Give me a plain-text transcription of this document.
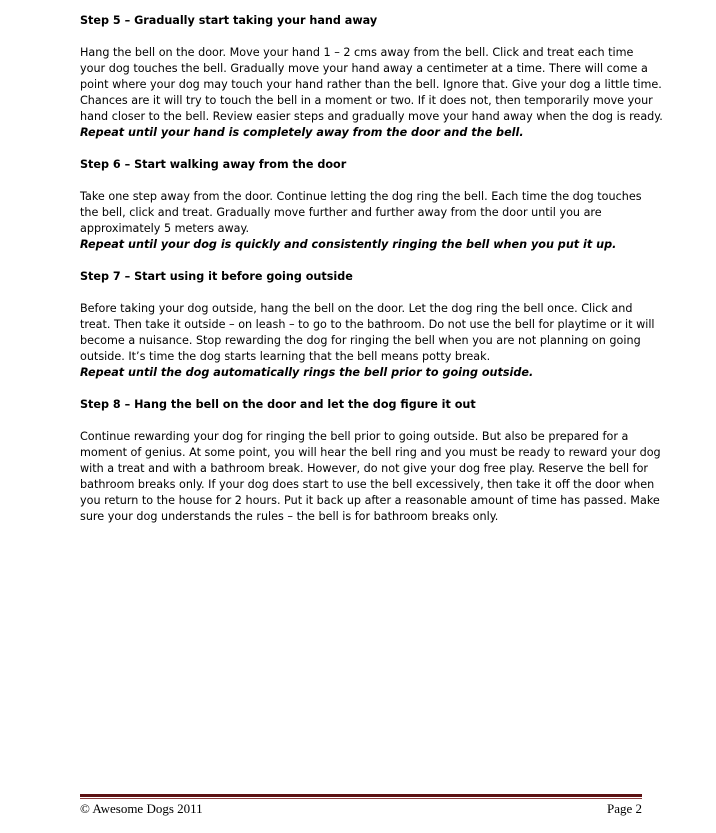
Step 5 – Gradually start taking your hand away

Hang the bell on the door. Move your hand 1 – 2 cms away from the bell. Click and treat each time
your dog touches the bell. Gradually move your hand away a centimeter at a time. There will come a
point where your dog may touch your hand rather than the bell. Ignore that. Give your dog a little time.
Chances are it will try to touch the bell in a moment or two. If it does not, then temporarily move your
hand closer to the bell. Review easier steps and gradually move your hand away when the dog is ready.
Repeat until your hand is completely away from the door and the bell.

Step 6 – Start walking away from the door

Take one step away from the door. Continue letting the dog ring the bell. Each time the dog touches
the bell, click and treat. Gradually move further and further away from the door until you are
approximately 5 meters away.
Repeat until your dog is quickly and consistently ringing the bell when you put it up.

Step 7 – Start using it before going outside

Before taking your dog outside, hang the bell on the door. Let the dog ring the bell once. Click and
treat. Then take it outside – on leash – to go to the bathroom. Do not use the bell for playtime or it will
become a nuisance. Stop rewarding the dog for ringing the bell when you are not planning on going
outside. It’s time the dog starts learning that the bell means potty break.
Repeat until the dog automatically rings the bell prior to going outside.

Step 8 – Hang the bell on the door and let the dog figure it out

Continue rewarding your dog for ringing the bell prior to going outside. But also be prepared for a
moment of genius. At some point, you will hear the bell ring and you must be ready to reward your dog
with a treat and with a bathroom break. However, do not give your dog free play. Reserve the bell for
bathroom breaks only. If your dog does start to use the bell excessively, then take it off the door when
you return to the house for 2 hours. Put it back up after a reasonable amount of time has passed. Make
sure your dog understands the rules – the bell is for bathroom breaks only.

© Awesome Dogs 2011	Page 2
